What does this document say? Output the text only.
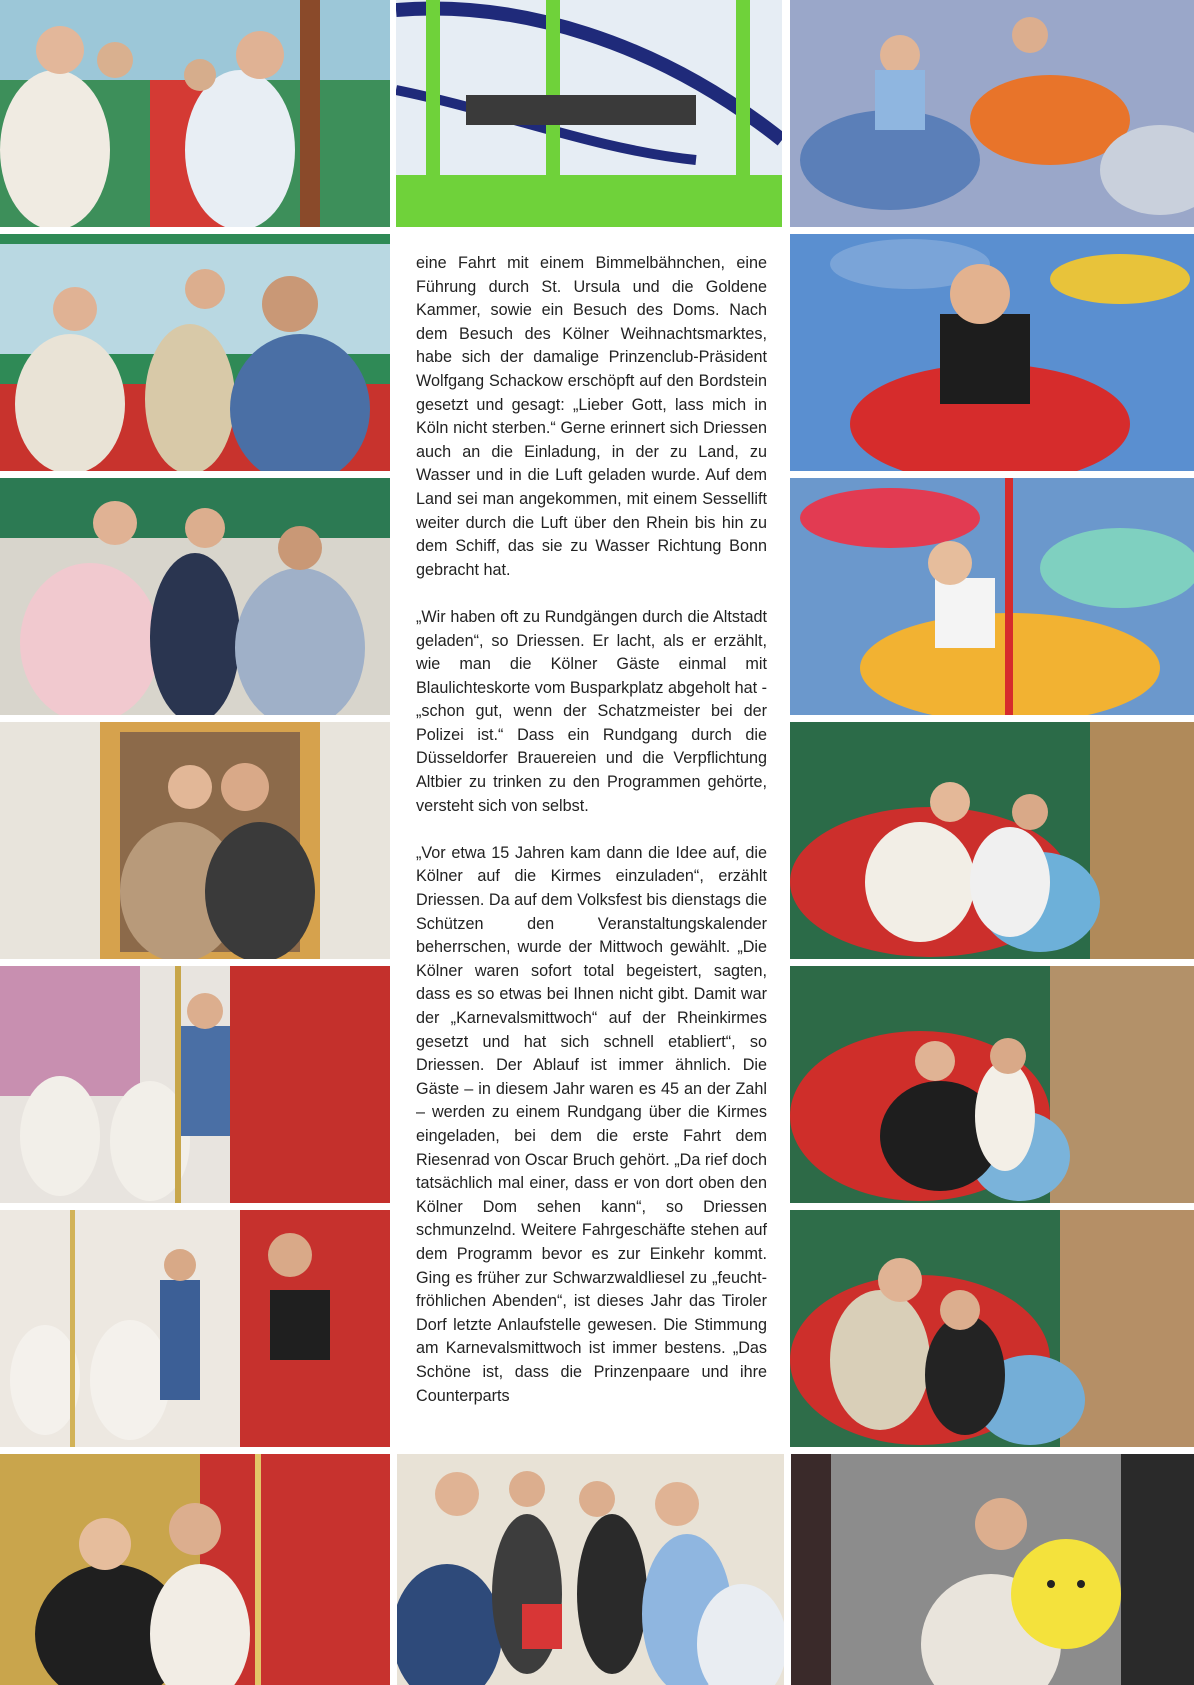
eine Fahrt mit einem Bimmelbähnchen, eine Führung durch St. Ursula und die Goldene Kammer, sowie ein Besuch des Doms. Nach dem Besuch des Kölner Weihnachtsmarktes, habe sich der damalige Prinzenclub-Präsident Wolfgang Schackow erschöpft auf den Bordstein gesetzt und gesagt: „Lieber Gott, lass mich in Köln nicht sterben.“ Gerne erinnert sich Driessen auch an die Einladung, in der zu Land, zu Wasser und in die Luft geladen wurde. Auf dem Land sei man angekommen, mit einem Sessellift weiter durch die Luft über den Rhein bis hin zu dem Schiff, das sie zu Wasser Richtung Bonn gebracht hat.

„Wir haben oft zu Rundgängen durch die Altstadt geladen“, so Driessen. Er lacht, als er erzählt, wie man die Kölner Gäste einmal mit Blaulichteskorte vom Busparkplatz abgeholt hat - „schon gut, wenn der Schatzmeister bei der Polizei ist.“ Dass ein Rundgang durch die Düsseldorfer Brauereien und die Verpflichtung Altbier zu trinken zu den Programmen gehörte, versteht sich von selbst.

„Vor etwa 15 Jahren kam dann die Idee auf, die Kölner auf die Kirmes einzuladen“, erzählt Driessen. Da auf dem Volksfest bis dienstags die Schützen den Veranstaltungskalender beherrschen, wurde der Mittwoch gewählt. „Die Kölner waren sofort total begeistert, sagten, dass es so etwas bei Ihnen nicht gibt. Damit war der „Karnevalsmittwoch“ auf der Rheinkirmes gesetzt und hat sich schnell etabliert“, so Driessen. Der Ablauf ist immer ähnlich. Die Gäste – in diesem Jahr waren es 45 an der Zahl – werden zu einem Rundgang über die Kirmes eingeladen, bei dem die erste Fahrt dem Riesenrad von Oscar Bruch gehört. „Da rief doch tatsächlich mal einer, dass er von dort oben den Kölner Dom sehen kann“, so Driessen schmunzelnd. Weitere Fahrgeschäfte stehen auf dem Programm bevor es zur Einkehr kommt. Ging es früher zur Schwarzwaldliesel zu „feucht-fröhlichen Abenden“, ist dieses Jahr das Tiroler Dorf letzte Anlaufstelle gewesen. Die Stimmung am Karnevalsmittwoch ist immer bestens. „Das Schöne ist, dass die Prinzenpaare und ihre Counterparts
